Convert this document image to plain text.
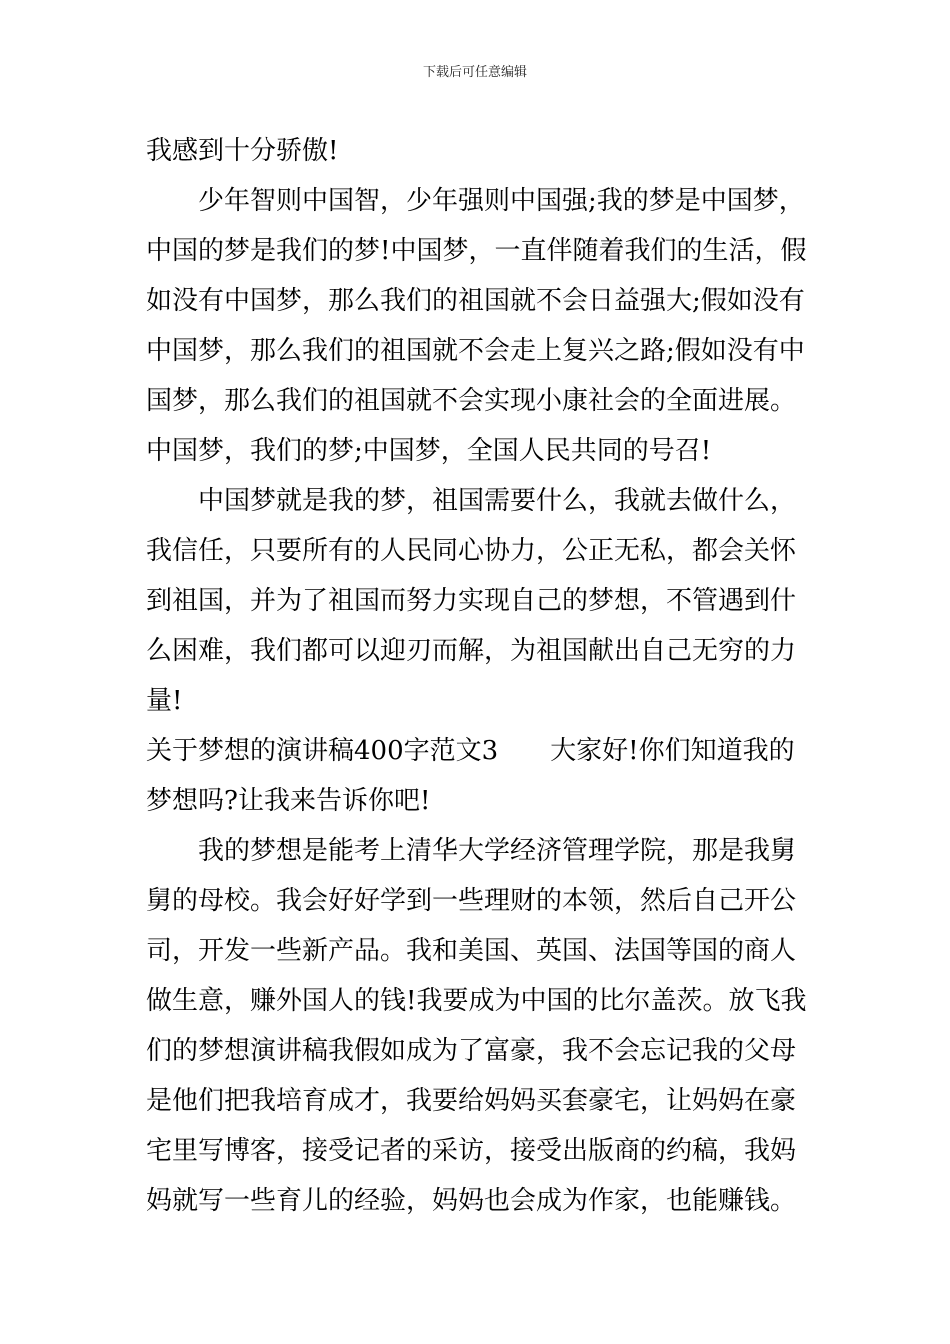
下载后可任意编辑
我感到十分骄傲!
少年智则中国智，少年强则中国强;我的梦是中国梦，
中国的梦是我们的梦!中国梦，一直伴随着我们的生活，假
如没有中国梦，那么我们的祖国就不会日益强大;假如没有
中国梦，那么我们的祖国就不会走上复兴之路;假如没有中
国梦，那么我们的祖国就不会实现小康社会的全面进展。
中国梦，我们的梦;中国梦，全国人民共同的号召!
中国梦就是我的梦，祖国需要什么，我就去做什么，
我信任，只要所有的人民同心协力，公正无私，都会关怀
到祖国，并为了祖国而努力实现自己的梦想，不管遇到什
么困难，我们都可以迎刃而解，为祖国献出自己无穷的力
量!
关于梦想的演讲稿400字范文3　　大家好!你们知道我的
梦想吗?让我来告诉你吧!
我的梦想是能考上清华大学经济管理学院，那是我舅
舅的母校。我会好好学到一些理财的本领，然后自己开公
司，开发一些新产品。我和美国、英国、法国等国的商人
做生意，赚外国人的钱!我要成为中国的比尔盖茨。放飞我
们的梦想演讲稿我假如成为了富豪，我不会忘记我的父母
是他们把我培育成才，我要给妈妈买套豪宅，让妈妈在豪
宅里写博客，接受记者的采访，接受出版商的约稿，我妈
妈就写一些育儿的经验，妈妈也会成为作家，也能赚钱。
